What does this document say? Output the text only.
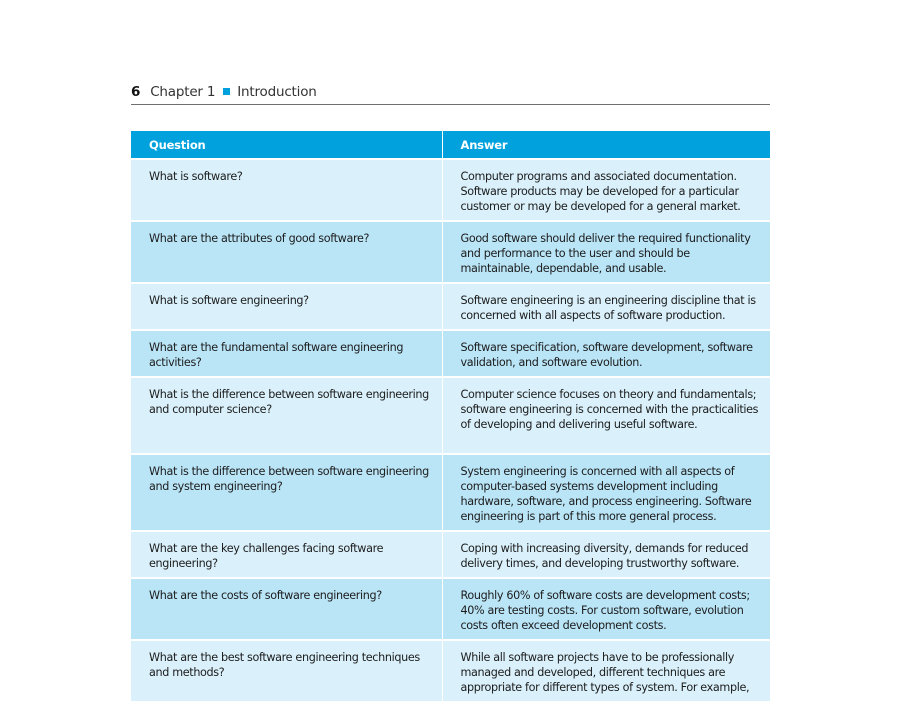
6 Chapter 1 Introduction
Question	Answer
What is software?	Computer programs and associated documentation. Software products may be developed for a particular customer or may be developed for a general market.
What are the attributes of good software?	Good software should deliver the required functionality and performance to the user and should be maintainable, dependable, and usable.
What is software engineering?	Software engineering is an engineering discipline that is concerned with all aspects of software production.
What are the fundamental software engineering activities?	Software specification, software development, software validation, and software evolution.
What is the difference between software engineering and computer science?	Computer science focuses on theory and fundamentals; software engineering is concerned with the practicalities of developing and delivering useful software.
What is the difference between software engineering and system engineering?	System engineering is concerned with all aspects of computer-based systems development including hardware, software, and process engineering. Software engineering is part of this more general process.
What are the key challenges facing software engineering?	Coping with increasing diversity, demands for reduced delivery times, and developing trustworthy software.
What are the costs of software engineering?	Roughly 60% of software costs are development costs; 40% are testing costs. For custom software, evolution costs often exceed development costs.
What are the best software engineering techniques and methods?	While all software projects have to be professionally managed and developed, different techniques are appropriate for different types of system. For example,
